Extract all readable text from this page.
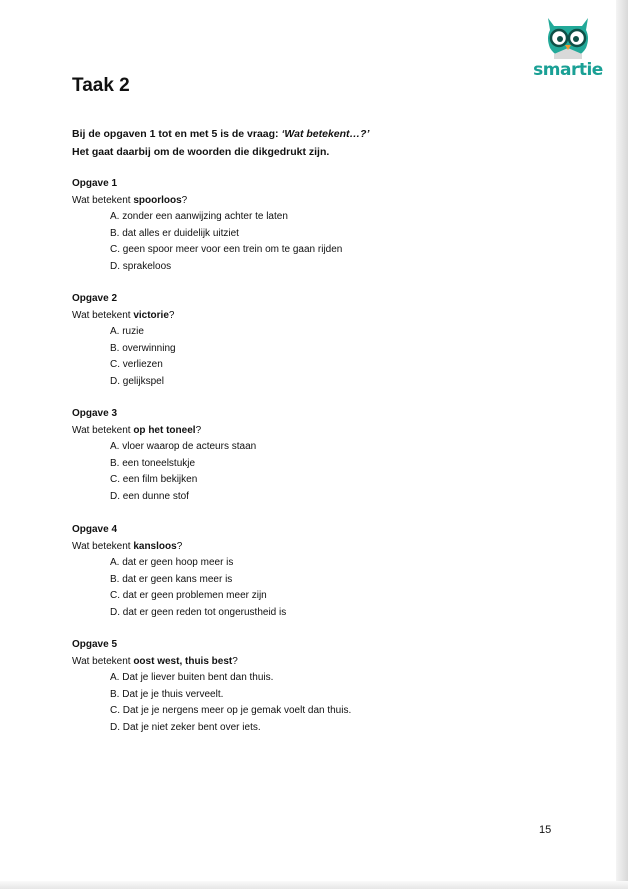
smartie
Taak 2
Bij de opgaven 1 tot en met 5 is de vraag: ‘Wat betekent…?’
Het gaat daarbij om de woorden die dikgedrukt zijn.
Opgave 1
Wat betekent spoorloos?
A. zonder een aanwijzing achter te laten
B. dat alles er duidelijk uitziet
C. geen spoor meer voor een trein om te gaan rijden
D. sprakeloos
Opgave 2
Wat betekent victorie?
A. ruzie
B. overwinning
C. verliezen
D. gelijkspel
Opgave 3
Wat betekent op het toneel?
A. vloer waarop de acteurs staan
B. een toneelstukje
C. een film bekijken
D. een dunne stof
Opgave 4
Wat betekent kansloos?
A. dat er geen hoop meer is
B. dat er geen kans meer is
C. dat er geen problemen meer zijn
D. dat er geen reden tot ongerustheid is
Opgave 5
Wat betekent oost west, thuis best?
A. Dat je liever buiten bent dan thuis.
B. Dat je je thuis verveelt.
C. Dat je je nergens meer op je gemak voelt dan thuis.
D. Dat je niet zeker bent over iets.
15
